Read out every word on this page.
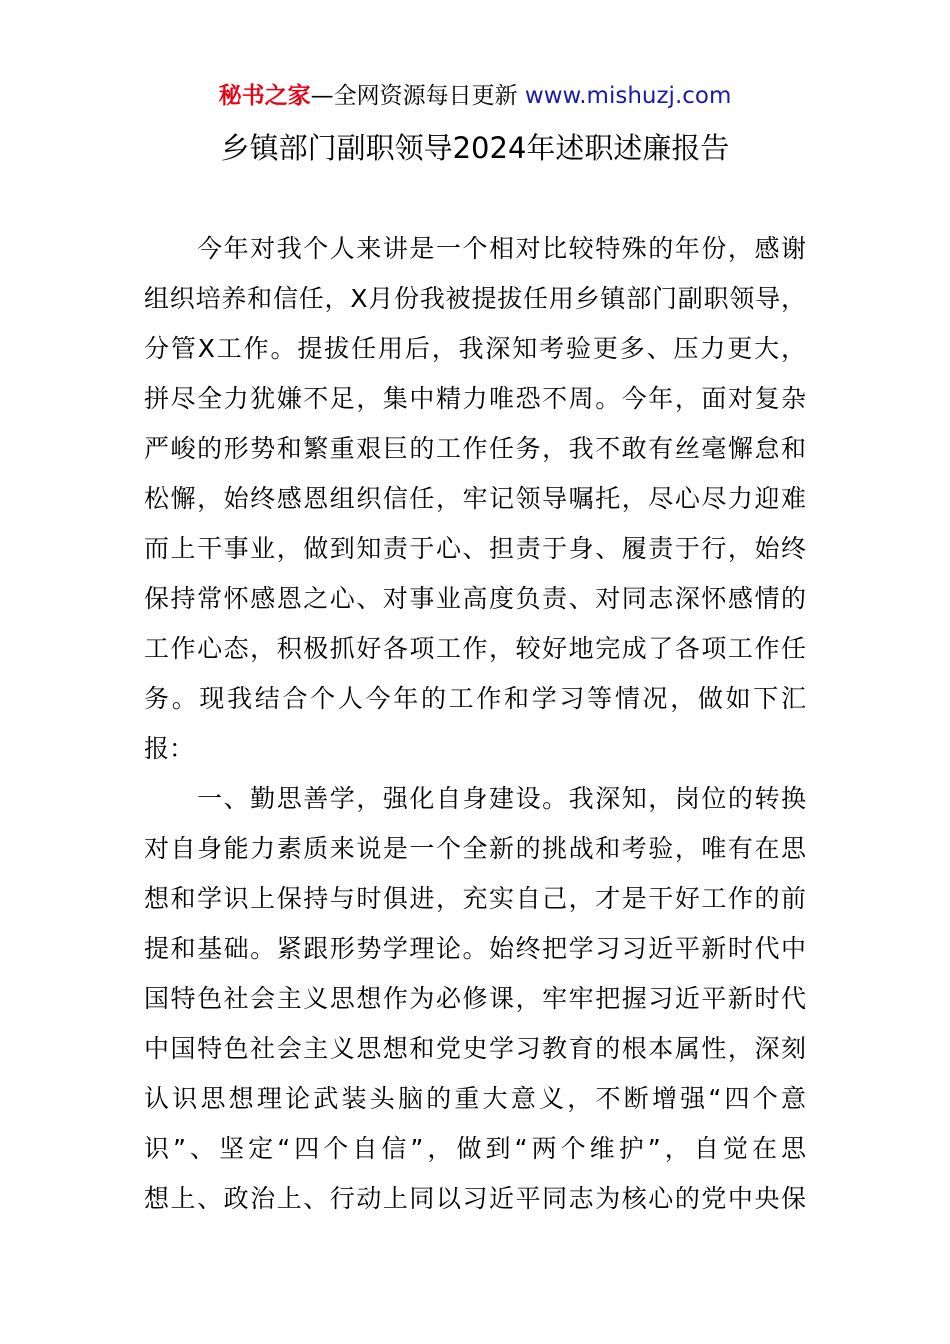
秘书之家—全网资源每日更新 www.mishuzj.com
乡镇部门副职领导2024年述职述廉报告
　　今年对我个人来讲是一个相对比较特殊的年份，感谢
组织培养和信任，X月份我被提拔任用乡镇部门副职领导，
分管X工作。提拔任用后，我深知考验更多、压力更大，
拼尽全力犹嫌不足，集中精力唯恐不周。今年，面对复杂
严峻的形势和繁重艰巨的工作任务，我不敢有丝毫懈怠和
松懈，始终感恩组织信任，牢记领导嘱托，尽心尽力迎难
而上干事业，做到知责于心、担责于身、履责于行，始终
保持常怀感恩之心、对事业高度负责、对同志深怀感情的
工作心态，积极抓好各项工作，较好地完成了各项工作任
务。现我结合个人今年的工作和学习等情况，做如下汇
报：
　　一、勤思善学，强化自身建设。我深知，岗位的转换
对自身能力素质来说是一个全新的挑战和考验，唯有在思
想和学识上保持与时俱进，充实自己，才是干好工作的前
提和基础。紧跟形势学理论。始终把学习习近平新时代中
国特色社会主义思想作为必修课，牢牢把握习近平新时代
中国特色社会主义思想和党史学习教育的根本属性，深刻
认识思想理论武装头脑的重大意义，不断增强“四个意
识”、坚定“四个自信”，做到“两个维护”，自觉在思
想上、政治上、行动上同以习近平同志为核心的党中央保
